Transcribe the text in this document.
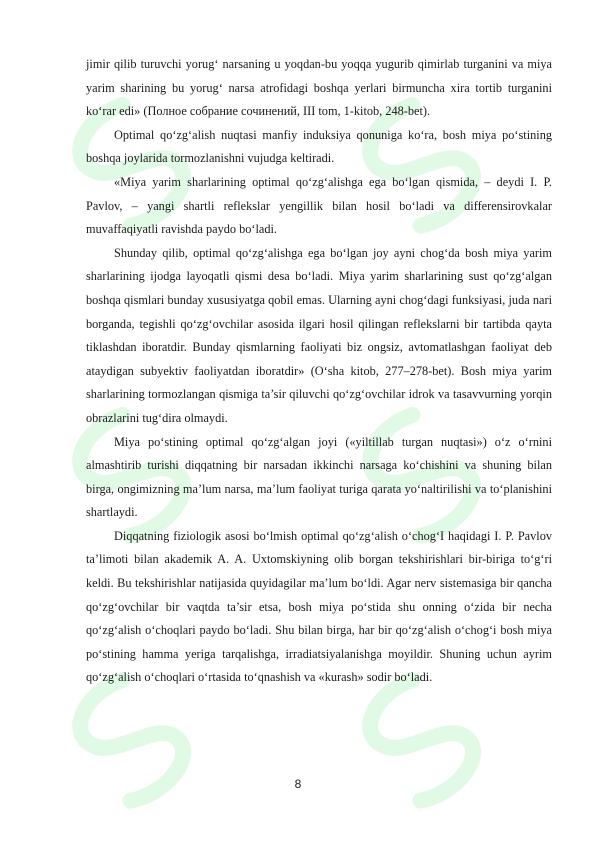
jimir qilib turuvchi yorug‘ narsaning u yoqdan-bu yoqqa yugurib qimirlab turganini va miya yarim sharining bu yorug‘ narsa atrofidagi boshqa yerlari birmuncha xira tortib turganini ko‘rar edi» (Полное собрание сочинений, III tom, 1-kitob, 248-bet).

Optimal qo‘zg‘alish nuqtasi manfiy induksiya qonuniga ko‘ra, bosh miya po‘stining boshqa joylarida tormozlanishni vujudga keltiradi.

«Miya yarim sharlarining optimal qo‘zg‘alishga ega bo‘lgan qismida, – deydi I. P. Pavlov, – yangi shartli reflekslar yengillik bilan hosil bo‘ladi va differensirovkalar muvaffaqiyatli ravishda paydo bo‘ladi.

Shunday qilib, optimal qo‘zg‘alishga ega bo‘lgan joy ayni chog‘da bosh miya yarim sharlarining ijodga layoqatli qismi desa bo‘ladi. Miya yarim sharlarining sust qo‘zg‘algan boshqa qismlari bunday xususiyatga qobil emas. Ularning ayni chog‘dagi funksiyasi, juda nari borganda, tegishli qo‘zg‘ovchilar asosida ilgari hosil qilingan reflekslarni bir tartibda qayta tiklashdan iboratdir. Bunday qismlarning faoliyati biz ongsiz, avtomatlashgan faoliyat deb ataydigan subyektiv faoliyatdan iboratdir» (O‘sha kitob, 277–278-bet). Bosh miya yarim sharlarining tormozlangan qismiga ta’sir qiluvchi qo‘zg‘ovchilar idrok va tasavvurning yorqin obrazlarini tug‘dira olmaydi.

Miya po‘stining optimal qo‘zg‘algan joyi («yiltillab turgan nuqtasi») o‘z o‘rnini almashtirib turishi diqqatning bir narsadan ikkinchi narsaga ko‘chishini va shuning bilan birga, ongimizning ma’lum narsa, ma’lum faoliyat turiga qarata yo‘naltirilishi va to‘planishini shartlaydi.

Diqqatning fiziologik asosi bo‘lmish optimal qo‘zg‘alish o‘chog‘I haqidagi I. P. Pavlov ta’limoti bilan akademik A. A. Uxtomskiyning olib borgan tekshirishlari bir-biriga to‘g‘ri keldi. Bu tekshirishlar natijasida quyidagilar ma’lum bo‘ldi. Agar nerv sistemasiga bir qancha qo‘zg‘ovchilar bir vaqtda ta’sir etsa, bosh miya po‘stida shu onning o‘zida bir necha qo‘zg‘alish o‘choqlari paydo bo‘ladi. Shu bilan birga, har bir qo‘zg‘alish o‘chog‘i bosh miya po‘stining hamma yeriga tarqalishga, irradiatsiyalanishga moyildir. Shuning uchun ayrim qo‘zg‘alish o‘choqlari o‘rtasida to‘qnashish va «kurash» sodir bo‘ladi.

8
